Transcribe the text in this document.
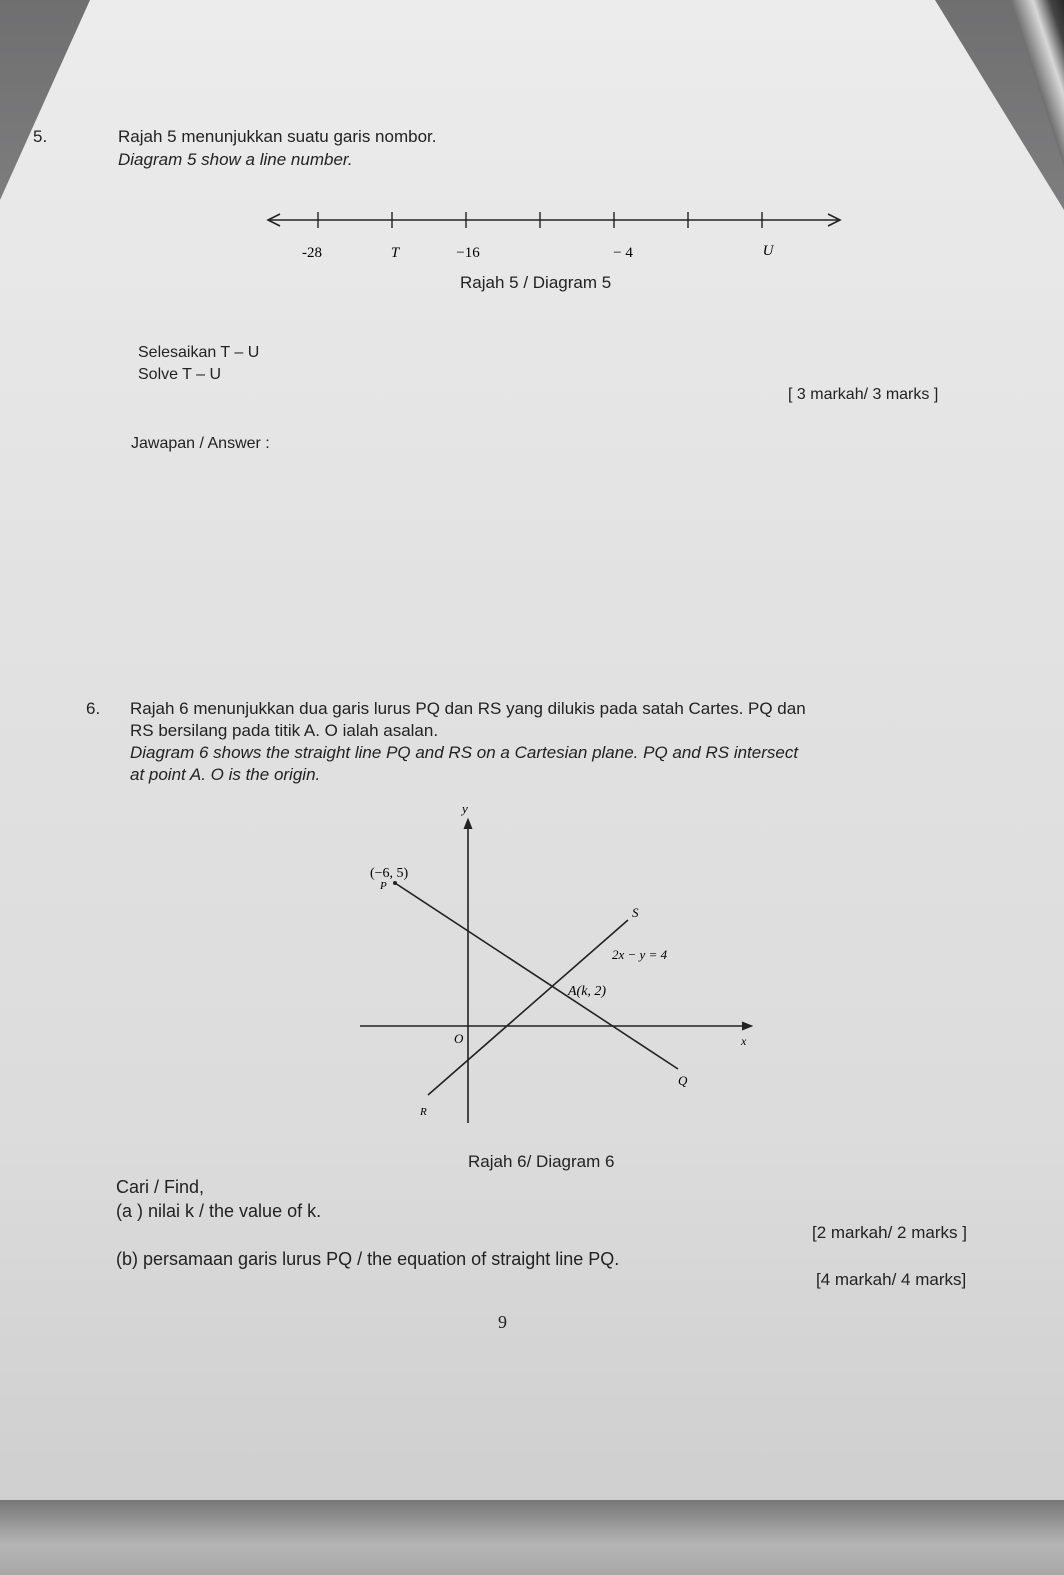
5.	Rajah 5 menunjukkan suatu garis nombor.
Diagram 5 show a line number.
-28	T	−16	− 4	U
Rajah 5 / Diagram 5
Selesaikan T – U
Solve T – U
[ 3 markah/ 3 marks ]
Jawapan / Answer :
6. Rajah 6 menunjukkan dua garis lurus PQ dan RS yang dilukis pada satah Cartes. PQ dan
RS bersilang pada titik A. O ialah asalan.
Diagram 6 shows the straight line PQ and RS on a Cartesian plane. PQ and RS intersect
at point A. O is the origin.
y
x
O
(−6, 5)
P
S
2x − y = 4
A(k, 2)
Q
R
Rajah 6/ Diagram 6
Cari / Find,
(a ) nilai k / the value of k.
[2 markah/ 2 marks ]
(b) persamaan garis lurus PQ / the equation of straight line PQ.
[4 markah/ 4 marks]
9
